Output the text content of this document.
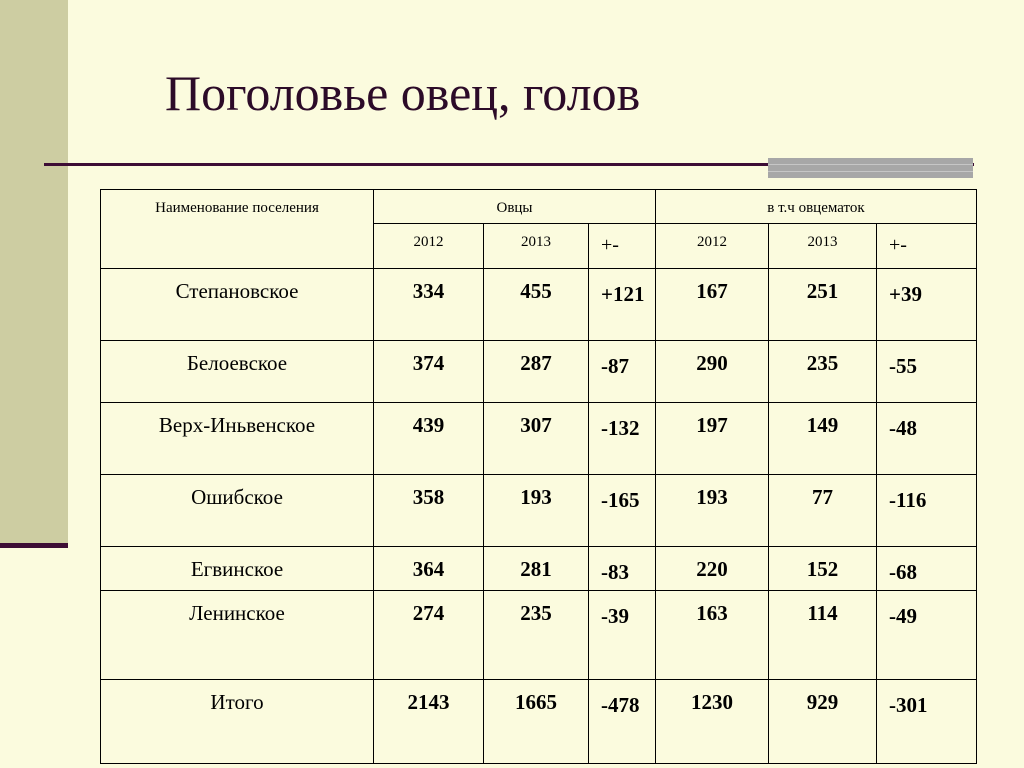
Поголовье овец, голов
Наименование поселения	Овцы			в т.ч овцематок		
	2012	2013	+-	2012	2013	+-
Степановское	334	455	+121	167	251	+39
Белоевское	374	287	-87	290	235	-55
Верх-Иньвенское	439	307	-132	197	149	-48
Ошибское	358	193	-165	193	77	-116
Егвинское	364	281	-83	220	152	-68
Ленинское	274	235	-39	163	114	-49
Итого	2143	1665	-478	1230	929	-301
